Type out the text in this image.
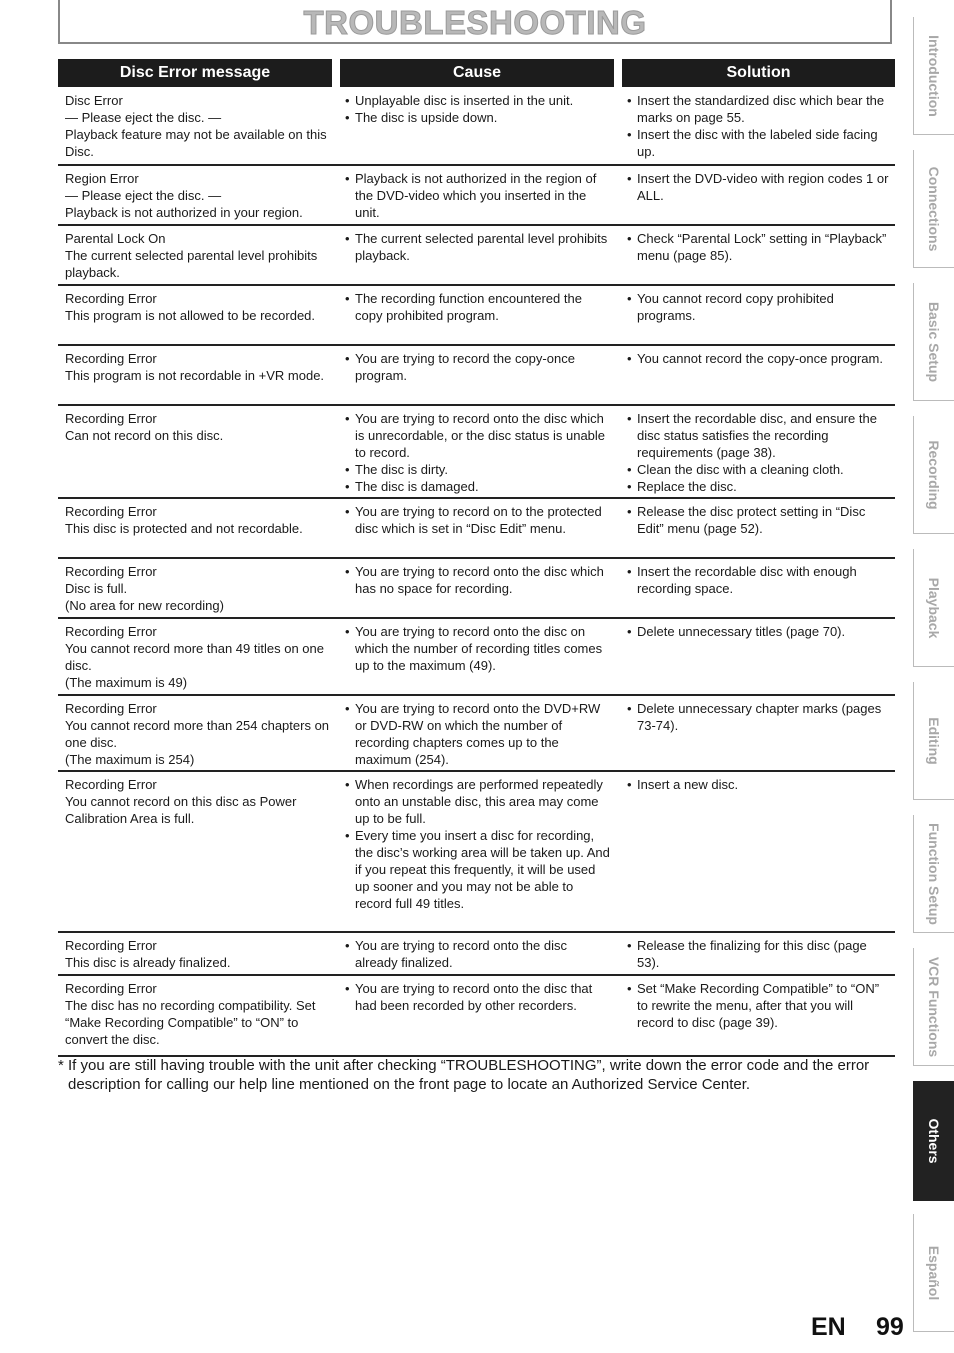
TROUBLESHOOTING
Disc Error message	Cause	Solution
Disc Error
— Please eject the disc. —
Playback feature may not be available on this Disc.
• Unplayable disc is inserted in the unit.
• The disc is upside down.
• Insert the standardized disc which bear the marks on page 55.
• Insert the disc with the labeled side facing up.
Region Error
— Please eject the disc. —
Playback is not authorized in your region.
• Playback is not authorized in the region of the DVD-video which you inserted in the unit.
• Insert the DVD-video with region codes 1 or ALL.
Parental Lock On
The current selected parental level prohibits playback.
• The current selected parental level prohibits playback.
• Check “Parental Lock” setting in “Playback” menu (page 85).
Recording Error
This program is not allowed to be recorded.
• The recording function encountered the copy prohibited program.
• You cannot record copy prohibited programs.
Recording Error
This program is not recordable in +VR mode.
• You are trying to record the copy-once program.
• You cannot record the copy-once program.
Recording Error
Can not record on this disc.
• You are trying to record onto the disc which is unrecordable, or the disc status is unable to record.
• The disc is dirty.
• The disc is damaged.
• Insert the recordable disc, and ensure the disc status satisfies the recording requirements (page 38).
• Clean the disc with a cleaning cloth.
• Replace the disc.
Recording Error
This disc is protected and not recordable.
• You are trying to record on to the protected disc which is set in “Disc Edit” menu.
• Release the disc protect setting in “Disc Edit” menu (page 52).
Recording Error
Disc is full.
(No area for new recording)
• You are trying to record onto the disc which has no space for recording.
• Insert the recordable disc with enough recording space.
Recording Error
You cannot record more than 49 titles on one disc.
(The maximum is 49)
• You are trying to record onto the disc on which the number of recording titles comes up to the maximum (49).
• Delete unnecessary titles (page 70).
Recording Error
You cannot record more than 254 chapters on one disc.
(The maximum is 254)
• You are trying to record onto the DVD+RW or DVD-RW on which the number of recording chapters comes up to the maximum (254).
• Delete unnecessary chapter marks (pages 73-74).
Recording Error
You cannot record on this disc as Power Calibration Area is full.
• When recordings are performed repeatedly onto an unstable disc, this area may come up to be full.
• Every time you insert a disc for recording, the disc’s working area will be taken up. And if you repeat this frequently, it will be used up sooner and you may not be able to record full 49 titles.
• Insert a new disc.
Recording Error
This disc is already finalized.
• You are trying to record onto the disc already finalized.
• Release the finalizing for this disc (page 53).
Recording Error
The disc has no recording compatibility. Set “Make Recording Compatible” to “ON” to convert the disc.
• You are trying to record onto the disc that had been recorded by other recorders.
• Set “Make Recording Compatible” to “ON” to rewrite the menu, after that you will record to disc (page 39).
* If you are still having trouble with the unit after checking “TROUBLESHOOTING”, write down the error code and the error description for calling our help line mentioned on the front page to locate an Authorized Service Center.
Introduction
Connections
Basic Setup
Recording
Playback
Editing
Function Setup
VCR Functions
Others
Español
EN 99
